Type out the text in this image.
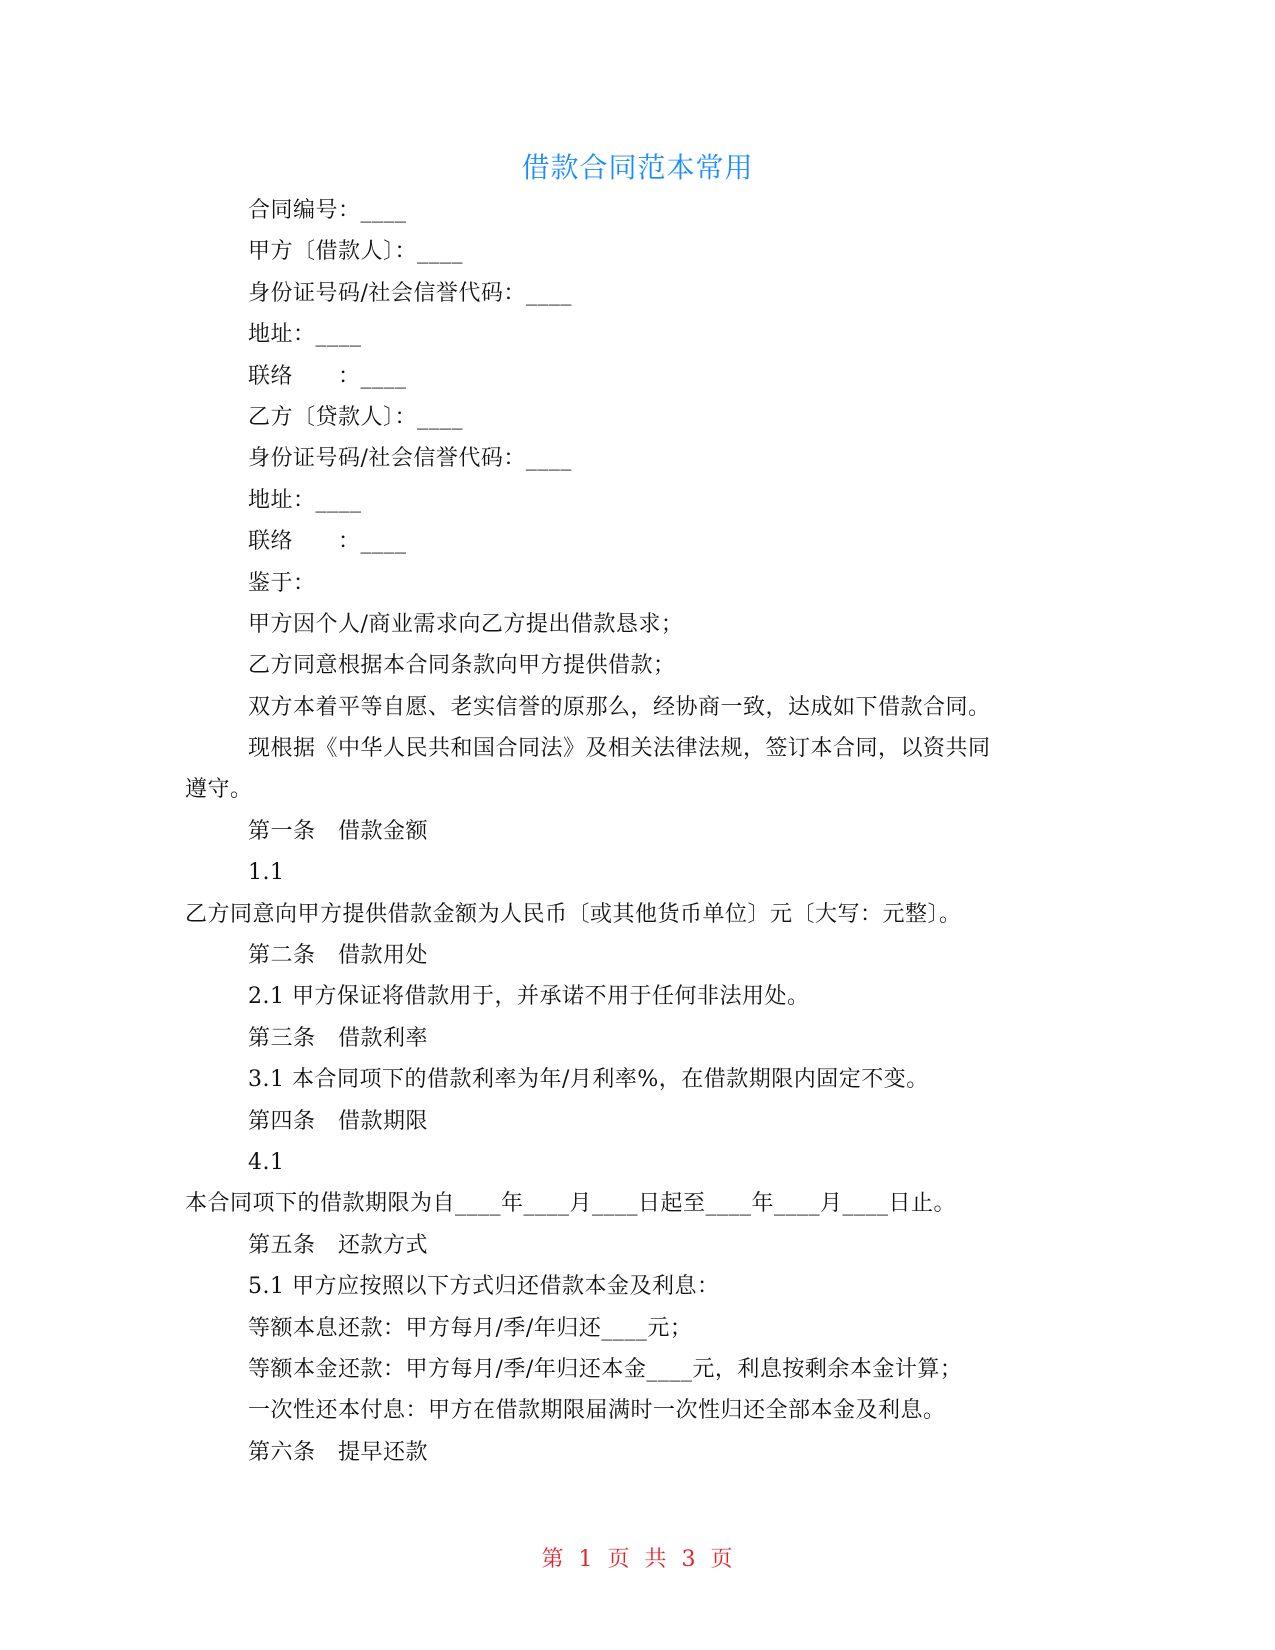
借款合同范本常用
合同编号：____
甲方〔借款人〕：____
身份证号码/社会信誉代码：____
地址：____
联络　　：____
乙方〔贷款人〕：____
身份证号码/社会信誉代码：____
地址：____
联络　　：____
鉴于：
甲方因个人/商业需求向乙方提出借款恳求；
乙方同意根据本合同条款向甲方提供借款；
双方本着平等自愿、老实信誉的原那么，经协商一致，达成如下借款合同。
现根据《中华人民共和国合同法》及相关法律法规，签订本合同，以资共同
遵守。
第一条　借款金额
1.1
乙方同意向甲方提供借款金额为人民币〔或其他货币单位〕元〔大写：元整〕。
第二条　借款用处
2.1 甲方保证将借款用于，并承诺不用于任何非法用处。
第三条　借款利率
3.1 本合同项下的借款利率为年/月利率%，在借款期限内固定不变。
第四条　借款期限
4.1
本合同项下的借款期限为自____年____月____日起至____年____月____日止。
第五条　还款方式
5.1 甲方应按照以下方式归还借款本金及利息：
等额本息还款：甲方每月/季/年归还____元；
等额本金还款：甲方每月/季/年归还本金____元，利息按剩余本金计算；
一次性还本付息：甲方在借款期限届满时一次性归还全部本金及利息。
第六条　提早还款
第 1 页 共 3 页
